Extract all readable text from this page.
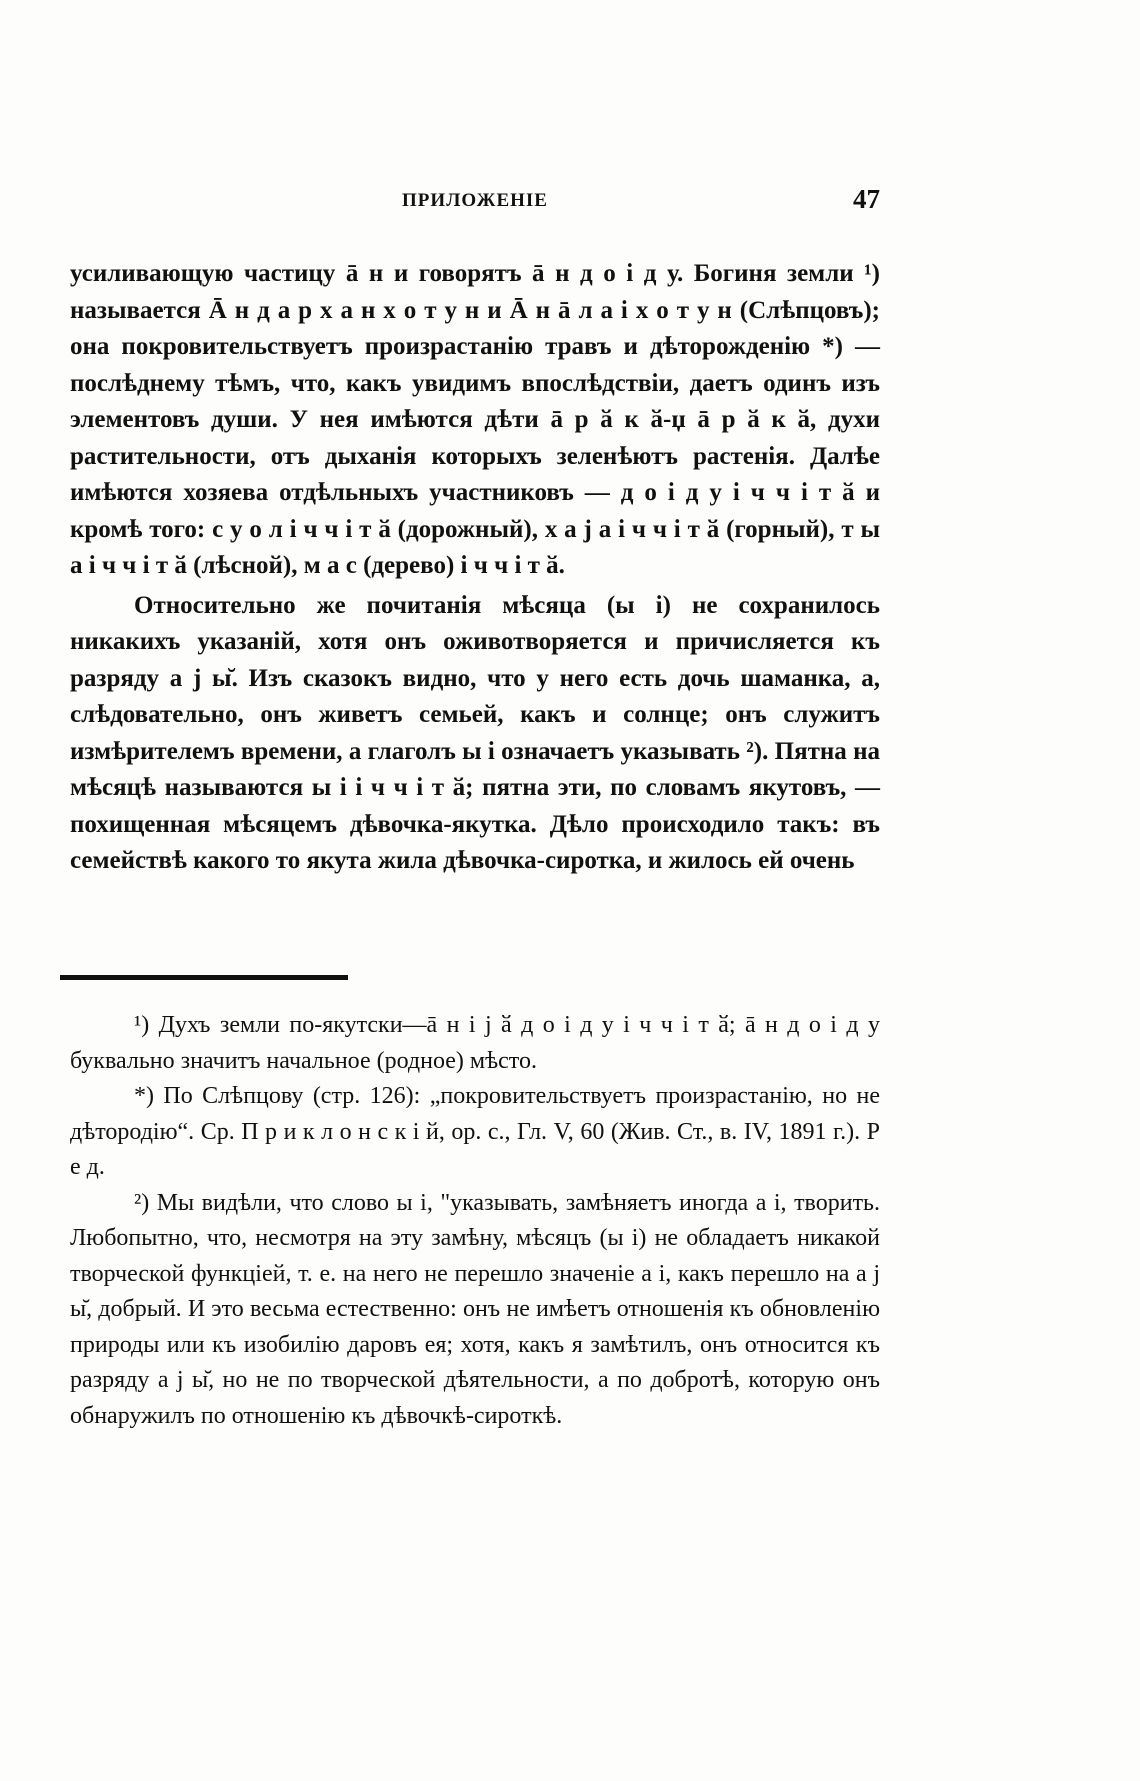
ПРИЛОЖЕНІЕ	47

усиливающую частицу ā н и говорятъ ā н д о і д у. Богиня земли ¹) называется Ā н д а р х а н х о т у н и Ā н ā л а і х о т у н (Слѣпцовъ); она покровительствуетъ произрастанію травъ и дѣторожденію *) — послѣднему тѣмъ, что, какъ увидимъ впослѣдствіи, даетъ одинъ изъ элементовъ души. У нея имѣются дѣти ā р ӑ к ӑ-џ ā р ӑ к ӑ, духи растительности, отъ дыханія которыхъ зеленѣютъ растенія. Далѣе имѣются хозяева отдѣльныхъ участниковъ — д о і д у і ч ч і т ӑ и кромѣ того: с у о л і ч ч і т ӑ (дорожный), х а ј а і ч ч і т ӑ (горный), т ы а і ч ч і т ӑ (лѣсной), м а с (дерево) і ч ч і т ӑ.

Относительно же почитанія мѣсяца (ы і) не сохранилось никакихъ указаній, хотя онъ оживотворяется и причисляется къ разряду а ј ы̆. Изъ сказокъ видно, что у него есть дочь шаманка, а, слѣдовательно, онъ живетъ семьей, какъ и солнце; онъ служитъ измѣрителемъ времени, а глаголъ ы і означаетъ указывать ²). Пятна на мѣсяцѣ называются ы і і ч ч і т ӑ; пятна эти, по словамъ якутовъ, — похищенная мѣсяцемъ дѣвочка-якутка. Дѣло происходило такъ: въ семействѣ какого то якута жила дѣвочка-сиротка, и жилось ей очень

¹) Духъ земли по-якутски—ā н і ј ӑ д о і д у і ч ч і т ӑ; ā н д о і д у буквально значитъ начальное (родное) мѣсто.

*) По Слѣпцову (стр. 126): „покровительствуетъ произрастанію, но не дѣтородію“. Ср. П р и к л о н с к і й, ор. с., Гл. V, 60 (Жив. Ст., в. IV, 1891 г.). Р е д.

²) Мы видѣли, что слово ы і, "указывать, замѣняетъ иногда а і, творить. Любопытно, что, несмотря на эту замѣну, мѣсяцъ (ы і) не обладаетъ никакой творческой функціей, т. е. на него не перешло значеніе а і, какъ перешло на а ј ы̆, добрый. И это весьма естественно: онъ не имѣетъ отношенія къ обновленію природы или къ изобилію даровъ ея; хотя, какъ я замѣтилъ, онъ относится къ разряду а ј ы̆, но не по творческой дѣятельности, а по добротѣ, которую онъ обнаружилъ по отношенію къ дѣвочкѣ-сироткѣ.
